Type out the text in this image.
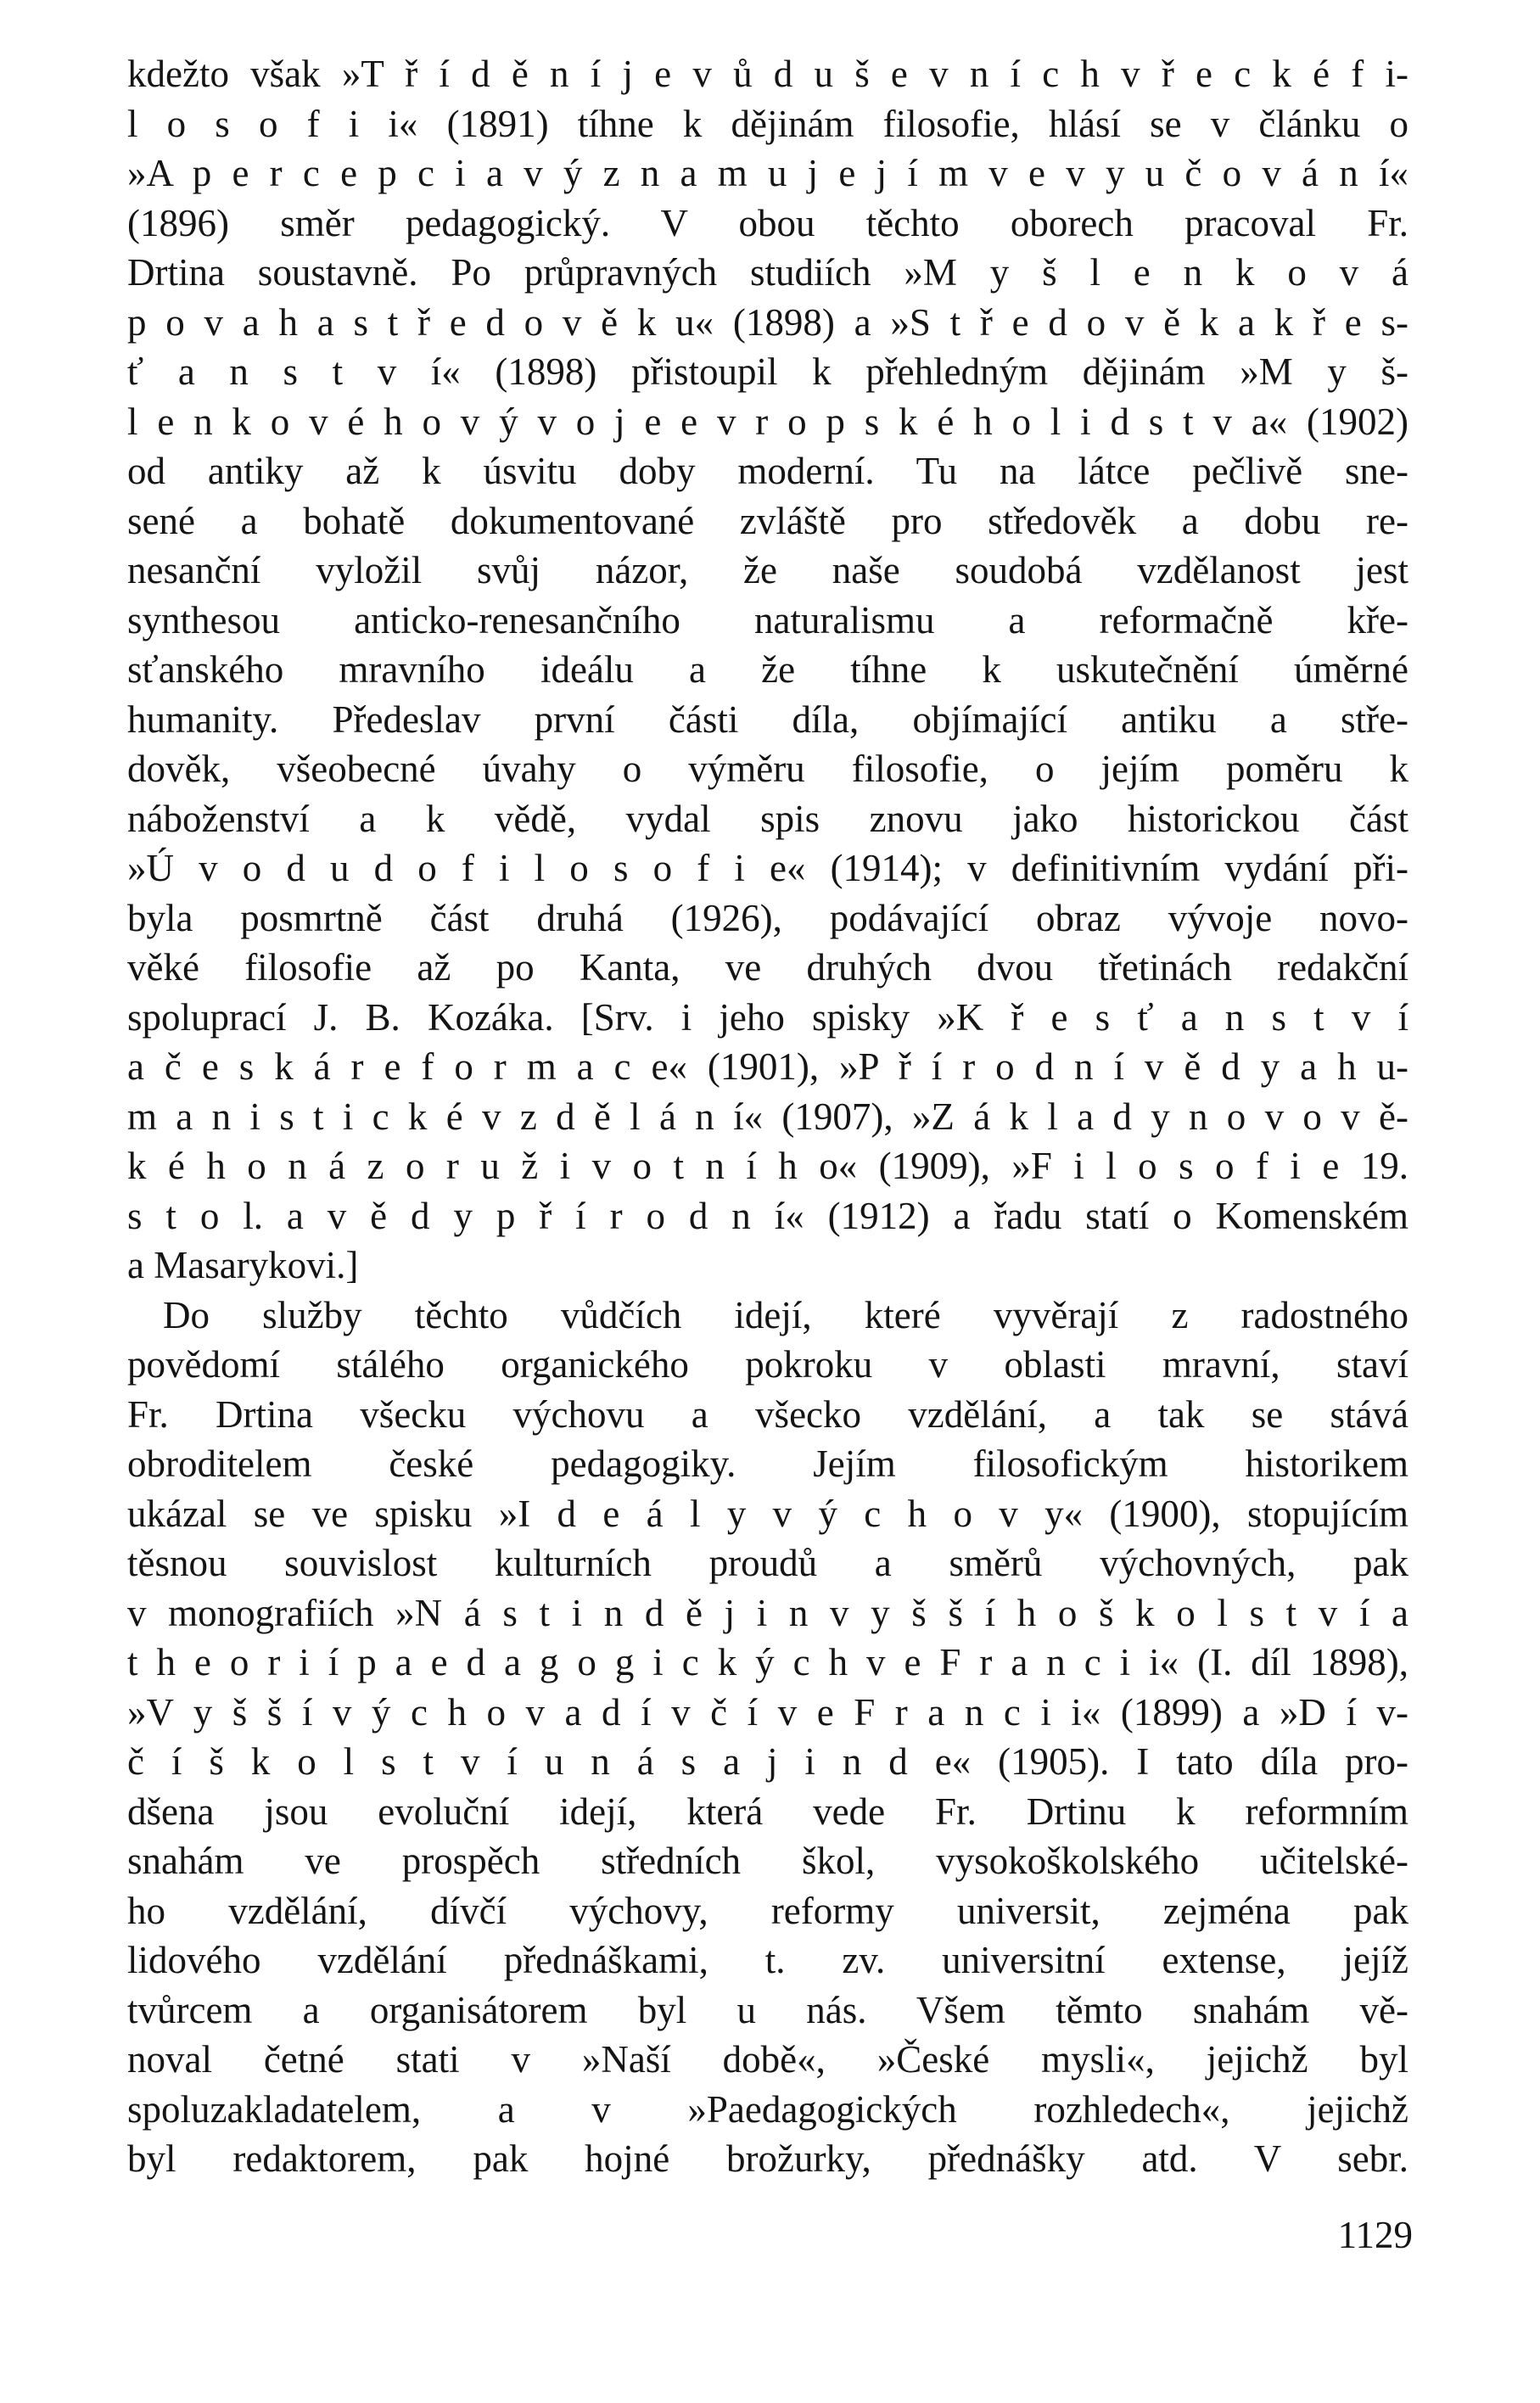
kdežto však »T ř í d ě n í j e v ů d u š e v n í c h v ř e c k é f i-
l o s o f i i« (1891) tíhne k dějinám filosofie, hlásí se v článku o
»A p e r c e p c i a v ý z n a m u j e j í m v e v y u č o v á n í«
(1896) směr pedagogický. V obou těchto oborech pracoval Fr.
Drtina soustavně. Po průpravných studiích »M y š l e n k o v á
p o v a h a s t ř e d o v ě k u« (1898) a »S t ř e d o v ě k a k ř e s-
ť a n s t v í« (1898) přistoupil k přehledným dějinám »M y š-
l e n k o v é h o v ý v o j e e v r o p s k é h o l i d s t v a« (1902)
od antiky až k úsvitu doby moderní. Tu na látce pečlivě sne-
sené a bohatě dokumentované zvláště pro středověk a dobu re-
nesanční vyložil svůj názor, že naše soudobá vzdělanost jest
synthesou anticko-renesančního naturalismu a reformačně kře-
sťanského mravního ideálu a že tíhne k uskutečnění úměrné
humanity. Předeslav první části díla, objímající antiku a stře-
dověk, všeobecné úvahy o výměru filosofie, o jejím poměru k
náboženství a k vědě, vydal spis znovu jako historickou část
»Ú v o d u d o f i l o s o f i e« (1914); v definitivním vydání při-
byla posmrtně část druhá (1926), podávající obraz vývoje novo-
věké filosofie až po Kanta, ve druhých dvou třetinách redakční
spoluprací J. B. Kozáka. [Srv. i jeho spisky »K ř e s ť a n s t v í
a č e s k á r e f o r m a c e« (1901), »P ř í r o d n í v ě d y a h u-
m a n i s t i c k é v z d ě l á n í« (1907), »Z á k l a d y n o v o v ě-
k é h o n á z o r u ž i v o t n í h o« (1909), »F i l o s o f i e 19.
s t o l. a v ě d y p ř í r o d n í« (1912) a řadu statí o Komenském
a Masarykovi.]
Do služby těchto vůdčích idejí, které vyvěrají z radostného
povědomí stálého organického pokroku v oblasti mravní, staví
Fr. Drtina všecku výchovu a všecko vzdělání, a tak se stává
obroditelem české pedagogiky. Jejím filosofickým historikem
ukázal se ve spisku »I d e á l y v ý c h o v y« (1900), stopujícím
těsnou souvislost kulturních proudů a směrů výchovných, pak
v monografiích »N á s t i n d ě j i n v y š š í h o š k o l s t v í a
t h e o r i í p a e d a g o g i c k ý c h v e F r a n c i i« (I. díl 1898),
»V y š š í v ý c h o v a d í v č í v e F r a n c i i« (1899) a »D í v-
č í š k o l s t v í u n á s a j i n d e« (1905). I tato díla pro-
dšena jsou evoluční idejí, která vede Fr. Drtinu k reformním
snahám ve prospěch středních škol, vysokoškolského učitelské-
ho vzdělání, dívčí výchovy, reformy universit, zejména pak
lidového vzdělání přednáškami, t. zv. universitní extense, jejíž
tvůrcem a organisátorem byl u nás. Všem těmto snahám vě-
noval četné stati v »Naší době«, »České mysli«, jejichž byl
spoluzakladatelem, a v »Paedagogických rozhledech«, jejichž
byl redaktorem, pak hojné brožurky, přednášky atd. V sebr.
1129
